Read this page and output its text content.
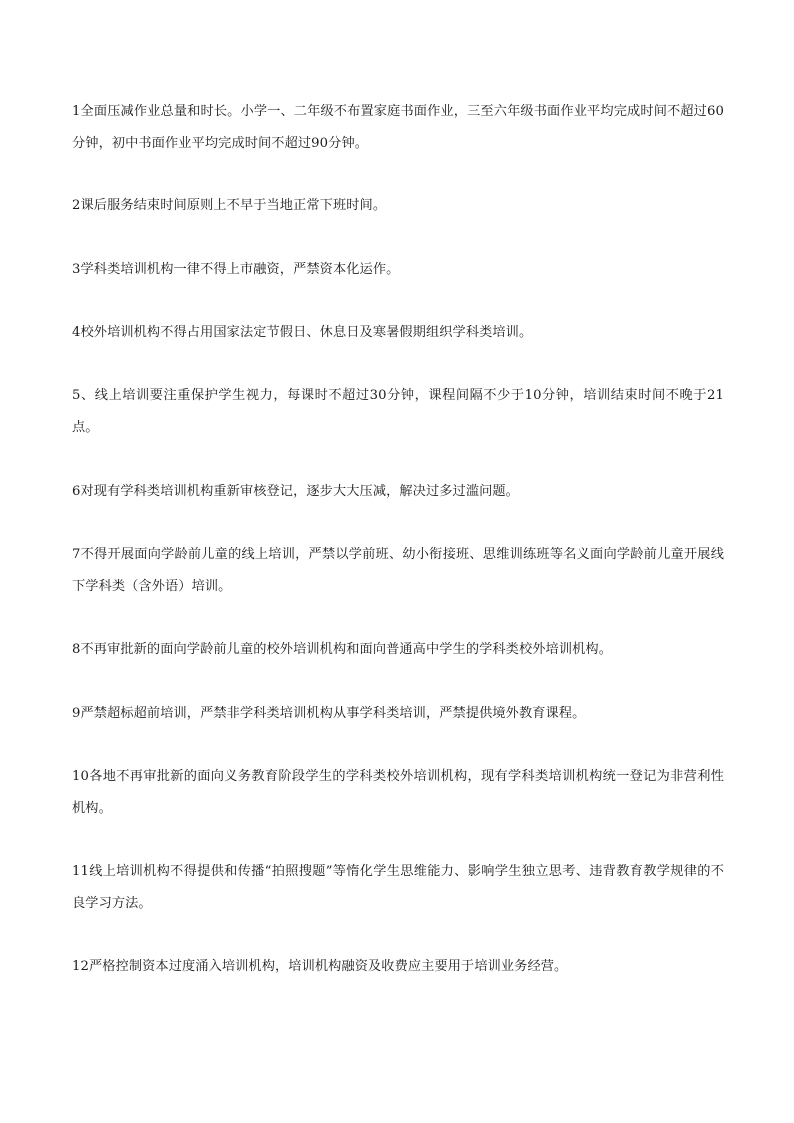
1全面压减作业总量和时长。小学一、二年级不布置家庭书面作业，三至六年级书面作业平均完成时间不超过60分钟，初中书面作业平均完成时间不超过90分钟。

2课后服务结束时间原则上不早于当地正常下班时间。

3学科类培训机构一律不得上市融资，严禁资本化运作。

4校外培训机构不得占用国家法定节假日、休息日及寒暑假期组织学科类培训。

5、线上培训要注重保护学生视力，每课时不超过30分钟，课程间隔不少于10分钟，培训结束时间不晚于21点。

6对现有学科类培训机构重新审核登记，逐步大大压减，解决过多过滥问题。

7不得开展面向学龄前儿童的线上培训，严禁以学前班、幼小衔接班、思维训练班等名义面向学龄前儿童开展线下学科类（含外语）培训。

8不再审批新的面向学龄前儿童的校外培训机构和面向普通高中学生的学科类校外培训机构。

9严禁超标超前培训，严禁非学科类培训机构从事学科类培训，严禁提供境外教育课程。

10各地不再审批新的面向义务教育阶段学生的学科类校外培训机构，现有学科类培训机构统一登记为非营利性机构。

11线上培训机构不得提供和传播“拍照搜题”等惰化学生思维能力、影响学生独立思考、违背教育教学规律的不良学习方法。

12严格控制资本过度涌入培训机构，培训机构融资及收费应主要用于培训业务经营。
